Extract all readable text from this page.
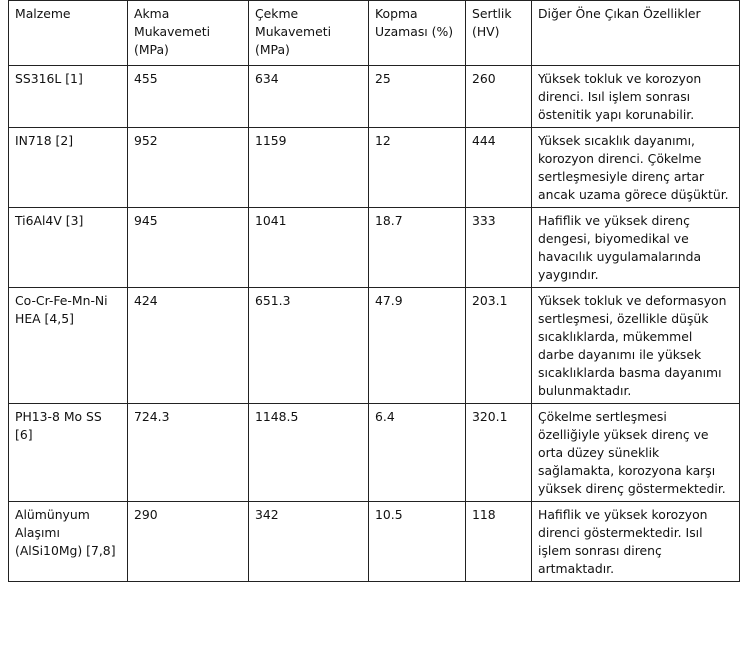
Malzeme	Akma Mukavemeti (MPa)	Çekme Mukavemeti (MPa)	Kopma Uzaması (%)	Sertlik (HV)	Diğer Öne Çıkan Özellikler
SS316L [1]	455	634	25	260	Yüksek tokluk ve korozyon direnci. Isıl işlem sonrası östenitik yapı korunabilir.
IN718 [2]	952	1159	12	444	Yüksek sıcaklık dayanımı, korozyon direnci. Çökelme sertleşmesiyle direnç artar ancak uzama görece düşüktür.
Ti6Al4V [3]	945	1041	18.7	333	Hafiflik ve yüksek direnç dengesi, biyomedikal ve havacılık uygulamalarında yaygındır.
Co-Cr-Fe-Mn-Ni HEA [4,5]	424	651.3	47.9	203.1	Yüksek tokluk ve deformasyon sertleşmesi, özellikle düşük sıcaklıklarda, mükemmel darbe dayanımı ile yüksek sıcaklıklarda basma dayanımı bulunmaktadır.
PH13-8 Mo SS [6]	724.3	1148.5	6.4	320.1	Çökelme sertleşmesi özelliğiyle yüksek direnç ve orta düzey süneklik sağlamakta, korozyona karşı yüksek direnç göstermektedir.
Alümünyum Alaşımı (AlSi10Mg) [7,8]	290	342	10.5	118	Hafiflik ve yüksek korozyon direnci göstermektedir. Isıl işlem sonrası direnç artmaktadır.
